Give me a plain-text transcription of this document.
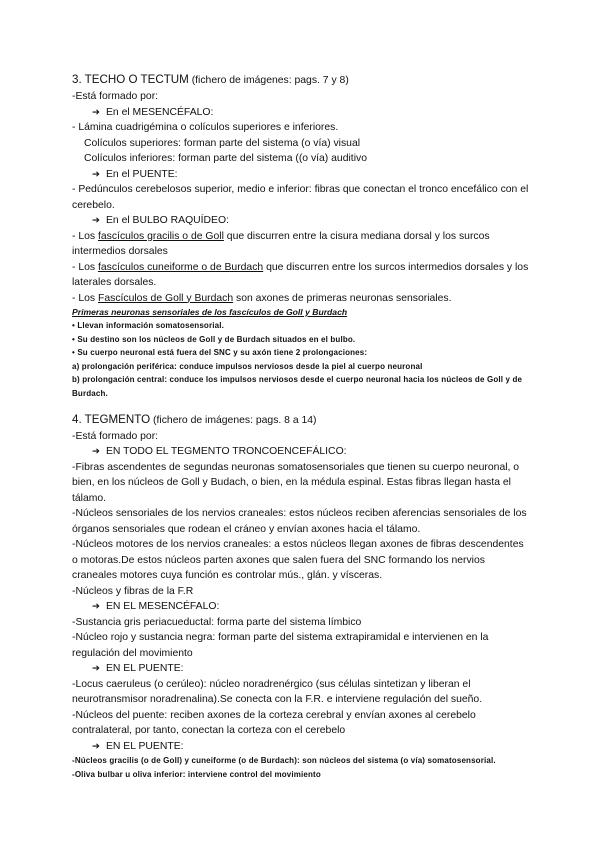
3. TECHO O TECTUM (fichero de imágenes: pags. 7 y 8)

-Está formado por:

➔ En el MESENCÉFALO:

- Lámina cuadrigémina o colículos superiores e inferiores.

Colículos superiores: forman parte del sistema (o vía) visual

Colículos inferiores: forman parte del sistema ((o vía) auditivo

➔ En el PUENTE:

- Pedúnculos cerebelosos superior, medio e inferior: fibras que conectan el tronco encefálico con el cerebelo.

➔ En el BULBO RAQUÍDEO:

- Los fascículos gracilis o de Goll que discurren entre la cisura mediana dorsal y los surcos intermedios dorsales

- Los fascículos cuneiforme o de Burdach que discurren entre los surcos intermedios dorsales y los laterales dorsales.

- Los Fascículos de Goll y Burdach son axones de primeras neuronas sensoriales.

Primeras neuronas sensoriales de los fascículos de Goll y Burdach

• Llevan información somatosensorial.

• Su destino son los núcleos de Goll y de Burdach situados en el bulbo.

• Su cuerpo neuronal está fuera del SNC y su axón tiene 2 prolongaciones:

a) prolongación periférica: conduce impulsos nerviosos desde la piel al cuerpo neuronal

b) prolongación central: conduce los impulsos nerviosos desde el cuerpo neuronal hacia los núcleos de Goll y de Burdach.

4. TEGMENTO (fichero de imágenes: pags. 8 a 14)

-Está formado por:

➔ EN TODO EL TEGMENTO TRONCOENCEFÁLICO:

-Fibras ascendentes de segundas neuronas somatosensoriales que tienen su cuerpo neuronal, o bien, en los núcleos de Goll y Budach, o bien, en la médula espinal. Estas fibras llegan hasta el tálamo.

-Núcleos sensoriales de los nervios craneales: estos núcleos reciben aferencias sensoriales de los órganos sensoriales que rodean el cráneo y envían axones hacia el tálamo.

-Núcleos motores de los nervios craneales: a estos núcleos llegan axones de fibras descendentes o motoras.De estos núcleos parten axones que salen fuera del SNC formando los nervios craneales motores cuya función es controlar mús., glán. y vísceras.

-Núcleos y fibras de la F.R

➔ EN EL MESENCÉFALO:

-Sustancia gris periacueductal: forma parte del sistema límbico

-Núcleo rojo y sustancia negra: forman parte del sistema extrapiramidal e intervienen en la regulación del movimiento

➔ EN EL PUENTE:

-Locus caeruleus (o cerúleo): núcleo noradrenérgico (sus células sintetizan y liberan el neurotransmisor noradrenalina).Se conecta con la F.R. e interviene regulación del sueño.

-Núcleos del puente: reciben axones de la corteza cerebral y envían axones al cerebelo contralateral, por tanto, conectan la corteza con el cerebelo

➔ EN EL PUENTE:

-Núcleos gracilis (o de Goll) y cuneiforme (o de Burdach): son núcleos del sistema (o vía) somatosensorial.

-Oliva bulbar u oliva inferior: interviene control del movimiento
